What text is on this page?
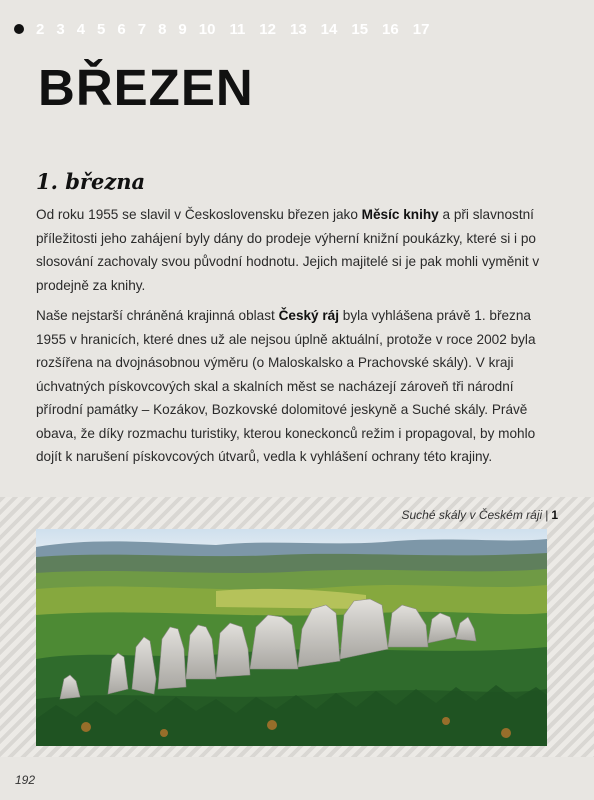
2 3 4 5 6 7 8 9 10 11 12 13 14 15 16 17
BŘEZEN
1. března

Od roku 1955 se slavil v Československu březen jako Měsíc knihy a při slavnostní příležitosti jeho zahájení byly dány do prodeje výherní knižní poukázky, které si i po slosování zachovaly svou původní hodnotu. Jejich majitelé si je pak mohli vyměnit v prodejně za knihy.

Naše nejstarší chráněná krajinná oblast Český ráj byla vyhlášena právě 1. března 1955 v hranicích, které dnes už ale nejsou úplně aktuální, protože v roce 2002 byla rozšířena na dvojnásobnou výměru (o Maloskalsko a Prachovské skály). V kraji úchvatných pískovcových skal a skalních měst se nacházejí zároveň tři národní přírodní památky – Kozákov, Bozkovské dolomitové jeskyně a Suché skály. Právě obava, že díky rozmachu turistiky, kterou koneckonců režim i propagoval, by mohlo dojít k narušení pískovcových útvarů, vedla k vyhlášení ochrany této krajiny.

Suché skály v Českém ráji | 1
192
